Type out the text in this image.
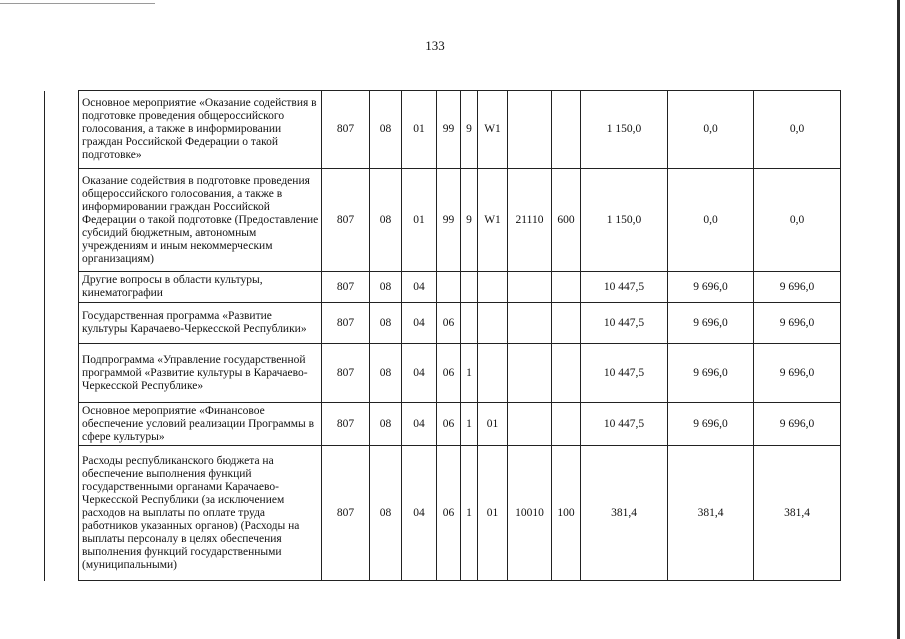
133
	Основное мероприятие «Оказание содействия в подготовке проведения общероссийского голосования, а также в информировании граждан Российской Федерации о такой подготовке»	807	08	01	99	9	W1			1 150,0	0,0	0,0
	Оказание содействия в подготовке проведения общероссийского голосования, а также в информировании граждан Российской Федерации о такой подготовке (Предоставление субсидий бюджетным, автономным учреждениям и иным некоммерческим организациям)	807	08	01	99	9	W1	21110	600	1 150,0	0,0	0,0
	Другие вопросы в области культуры, кинематографии	807	08	04						10 447,5	9 696,0	9 696,0
	Государственная программа «Развитие культуры Карачаево-Черкесской Республики»	807	08	04	06					10 447,5	9 696,0	9 696,0
	Подпрограмма «Управление государственной программой «Развитие культуры в Карачаево-Черкесской Республике»	807	08	04	06	1				10 447,5	9 696,0	9 696,0
	Основное мероприятие «Финансовое обеспечение условий реализации Программы в сфере культуры»	807	08	04	06	1	01			10 447,5	9 696,0	9 696,0
	Расходы республиканского бюджета на обеспечение выполнения функций государственными органами Карачаево-Черкесской Республики (за исключением расходов на выплаты по оплате труда работников указанных органов) (Расходы на выплаты персоналу в целях обеспечения выполнения функций государственными (муниципальными)	807	08	04	06	1	01	10010	100	381,4	381,4	381,4
